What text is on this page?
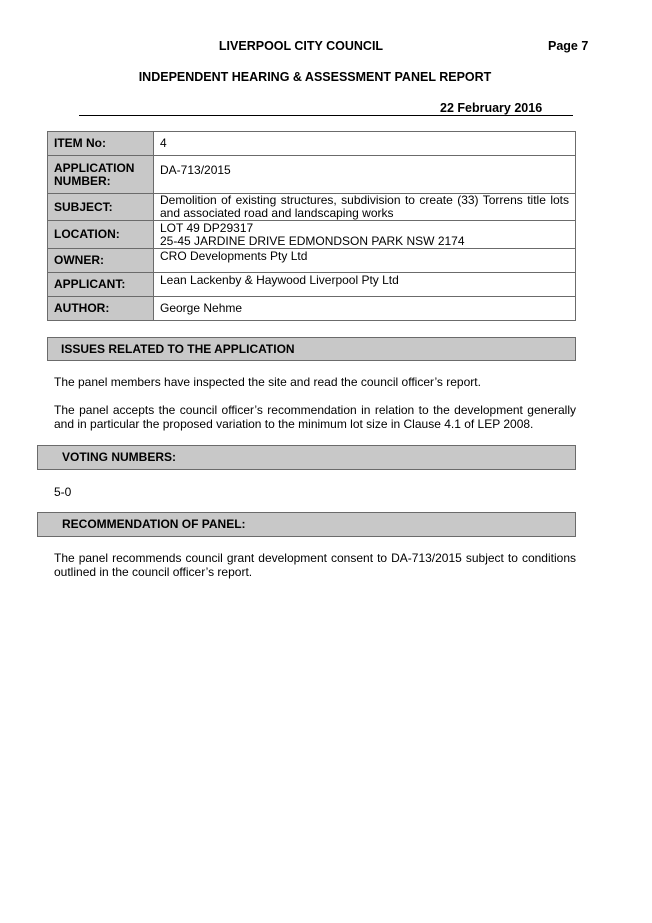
LIVERPOOL CITY COUNCIL	Page 7
INDEPENDENT HEARING & ASSESSMENT PANEL REPORT
22 February 2016
ITEM No:	4
APPLICATION NUMBER:	DA-713/2015
SUBJECT:	Demolition of existing structures, subdivision to create (33) Torrens title lots and associated road and landscaping works
LOCATION:	LOT 49 DP29317
25-45 JARDINE DRIVE EDMONDSON PARK NSW 2174

OWNER:	CRO Developments Pty Ltd
APPLICANT:	Lean Lackenby & Haywood Liverpool Pty Ltd
AUTHOR:	George Nehme
ISSUES RELATED TO THE APPLICATION
The panel members have inspected the site and read the council officer’s report.
The panel accepts the council officer’s recommendation in relation to the development generally and in particular the proposed variation to the minimum lot size in Clause 4.1 of LEP 2008.
VOTING NUMBERS:
5-0
RECOMMENDATION OF PANEL:
The panel recommends council grant development consent to DA-713/2015 subject to conditions outlined in the council officer’s report.
